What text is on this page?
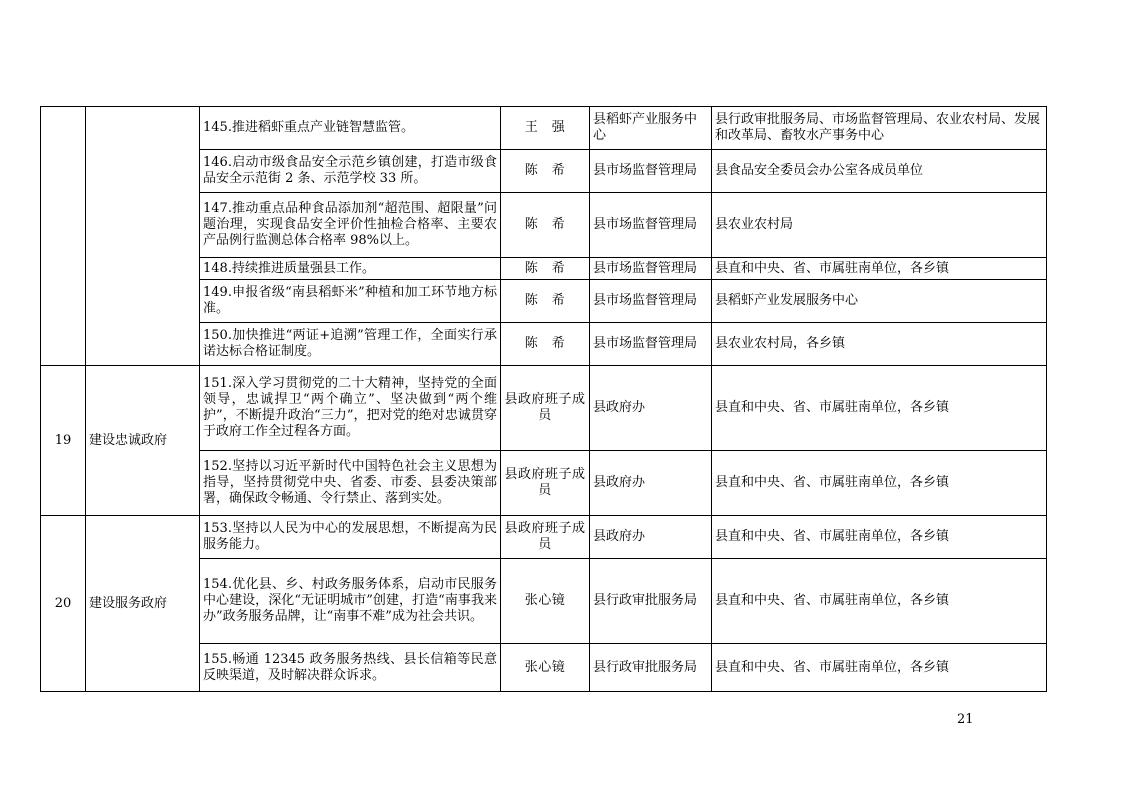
		145.推进稻虾重点产业链智慧监管。	王　强	县稻虾产业服务中心	县行政审批服务局、市场监督管理局、农业农村局、发展和改革局、畜牧水产事务中心
		146.启动市级食品安全示范乡镇创建，打造市级食品安全示范街 2 条、示范学校 33 所。	陈　希	县市场监督管理局	县食品安全委员会办公室各成员单位
		147.推动重点品种食品添加剂“超范围、超限量”问题治理，实现食品安全评价性抽检合格率、主要农产品例行监测总体合格率 98%以上。	陈　希	县市场监督管理局	县农业农村局
		148.持续推进质量强县工作。	陈　希	县市场监督管理局	县直和中央、省、市属驻南单位，各乡镇
		149.申报省级“南县稻虾米”种植和加工环节地方标准。	陈　希	县市场监督管理局	县稻虾产业发展服务中心
		150.加快推进“两证+追溯”管理工作，全面实行承诺达标合格证制度。	陈　希	县市场监督管理局	县农业农村局，各乡镇
19	建设忠诚政府	151.深入学习贯彻党的二十大精神，坚持党的全面领导，忠诚捍卫“两个确立”、坚决做到“两个维护”，不断提升政治“三力”，把对党的绝对忠诚贯穿于政府工作全过程各方面。	县政府班子成员	县政府办	县直和中央、省、市属驻南单位，各乡镇
		152.坚持以习近平新时代中国特色社会主义思想为指导，坚持贯彻党中央、省委、市委、县委决策部署，确保政令畅通、令行禁止、落到实处。	县政府班子成员	县政府办	县直和中央、省、市属驻南单位，各乡镇
20	建设服务政府	153.坚持以人民为中心的发展思想，不断提高为民服务能力。	县政府班子成员	县政府办	县直和中央、省、市属驻南单位，各乡镇
		154.优化县、乡、村政务服务体系，启动市民服务中心建设，深化“无证明城市”创建，打造“南事我来办”政务服务品牌，让“南事不难”成为社会共识。	张心镜	县行政审批服务局	县直和中央、省、市属驻南单位，各乡镇
		155.畅通 12345 政务服务热线、县长信箱等民意反映渠道，及时解决群众诉求。	张心镜	县行政审批服务局	县直和中央、省、市属驻南单位，各乡镇
21
